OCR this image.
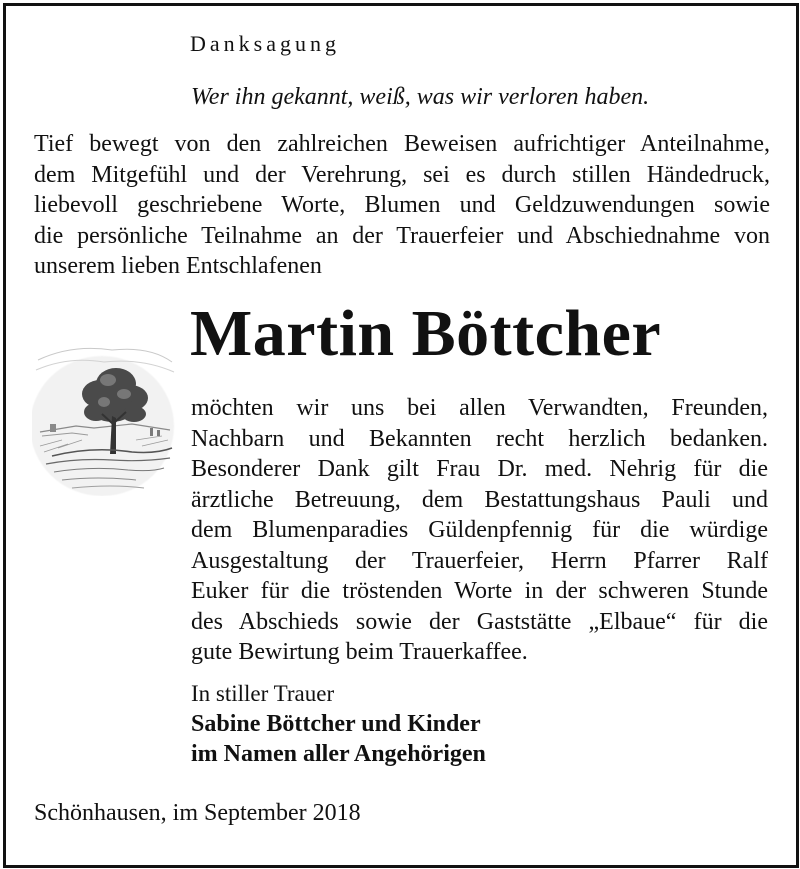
Danksagung
Wer ihn gekannt, weiß, was wir verloren haben.
Tief bewegt von den zahlreichen Beweisen aufrichtiger Anteilnahme,
dem Mitgefühl und der Verehrung, sei es durch stillen Händedruck,
liebevoll geschriebene Worte, Blumen und Geldzuwendungen sowie
die persönliche Teilnahme an der Trauerfeier und Abschiednahme von
unserem lieben Entschlafenen
Martin Böttcher
möchten wir uns bei allen Verwandten, Freunden,
Nachbarn und Bekannten recht herzlich bedanken.
Besonderer Dank gilt Frau Dr. med. Nehrig für die
ärztliche Betreuung, dem Bestattungshaus Pauli und
dem Blumenparadies Güldenpfennig für die würdige
Ausgestaltung der Trauerfeier, Herrn Pfarrer Ralf
Euker für die tröstenden Worte in der schweren Stunde
des Abschieds sowie der Gaststätte „Elbaue“ für die
gute Bewirtung beim Trauerkaffee.
In stiller Trauer
Sabine Böttcher und Kinder
im Namen aller Angehörigen
Schönhausen, im September 2018
